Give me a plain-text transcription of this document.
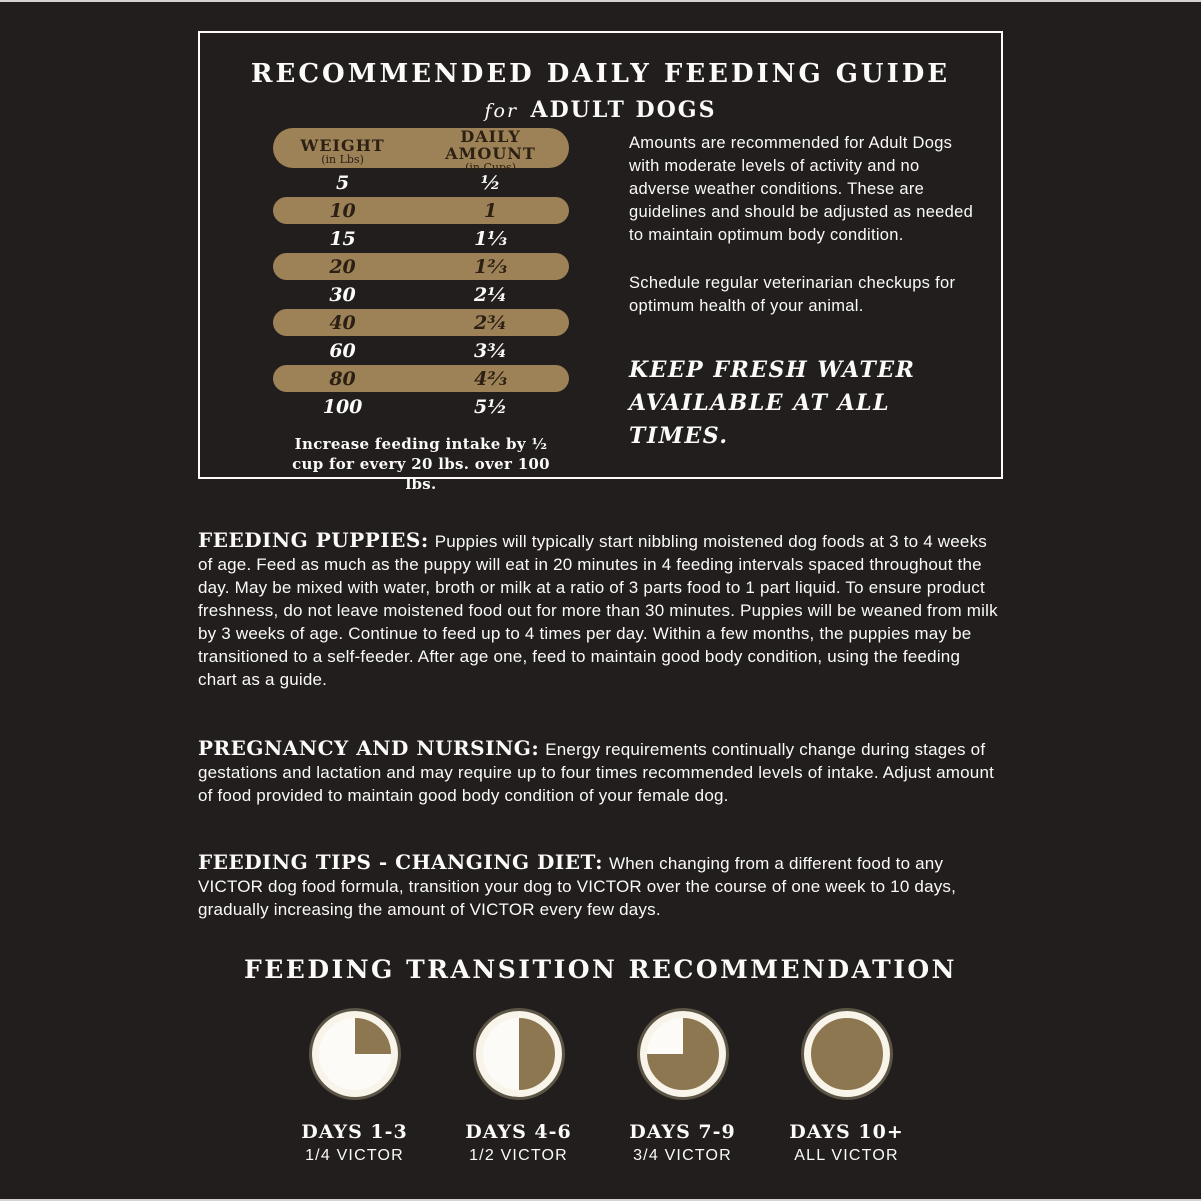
RECOMMENDED DAILY FEEDING GUIDE
for ADULT DOGS
WEIGHT
(in Lbs)
DAILY AMOUNT
(in Cups)
5	½
10	1
15	1⅓
20	1⅔
30	2¼
40	2¾
60	3¾
80	4⅔
100	5½
Increase feeding intake by ½ cup for every 20 lbs. over 100 lbs.

Amounts are recommended for Adult Dogs with moderate levels of activity and no adverse weather conditions. These are guidelines and should be adjusted as needed to maintain optimum body condition.

Schedule regular veterinarian checkups for optimum health of your animal.

KEEP FRESH WATER AVAILABLE AT ALL TIMES.

FEEDING PUPPIES: Puppies will typically start nibbling moistened dog foods at 3 to 4 weeks of age. Feed as much as the puppy will eat in 20 minutes in 4 feeding intervals spaced throughout the day. May be mixed with water, broth or milk at a ratio of 3 parts food to 1 part liquid. To ensure product freshness, do not leave moistened food out for more than 30 minutes. Puppies will be weaned from milk by 3 weeks of age. Continue to feed up to 4 times per day. Within a few months, the puppies may be transitioned to a self-feeder. After age one, feed to maintain good body condition, using the feeding chart as a guide.

PREGNANCY AND NURSING: Energy requirements continually change during stages of gestations and lactation and may require up to four times recommended levels of intake. Adjust amount of food provided to maintain good body condition of your female dog.

FEEDING TIPS - CHANGING DIET: When changing from a different food to any VICTOR dog food formula, transition your dog to VICTOR over the course of one week to 10 days, gradually increasing the amount of VICTOR every few days.

FEEDING TRANSITION RECOMMENDATION
DAYS 1-3
1/4 VICTOR
DAYS 4-6
1/2 VICTOR
DAYS 7-9
3/4 VICTOR
DAYS 10+
ALL VICTOR
